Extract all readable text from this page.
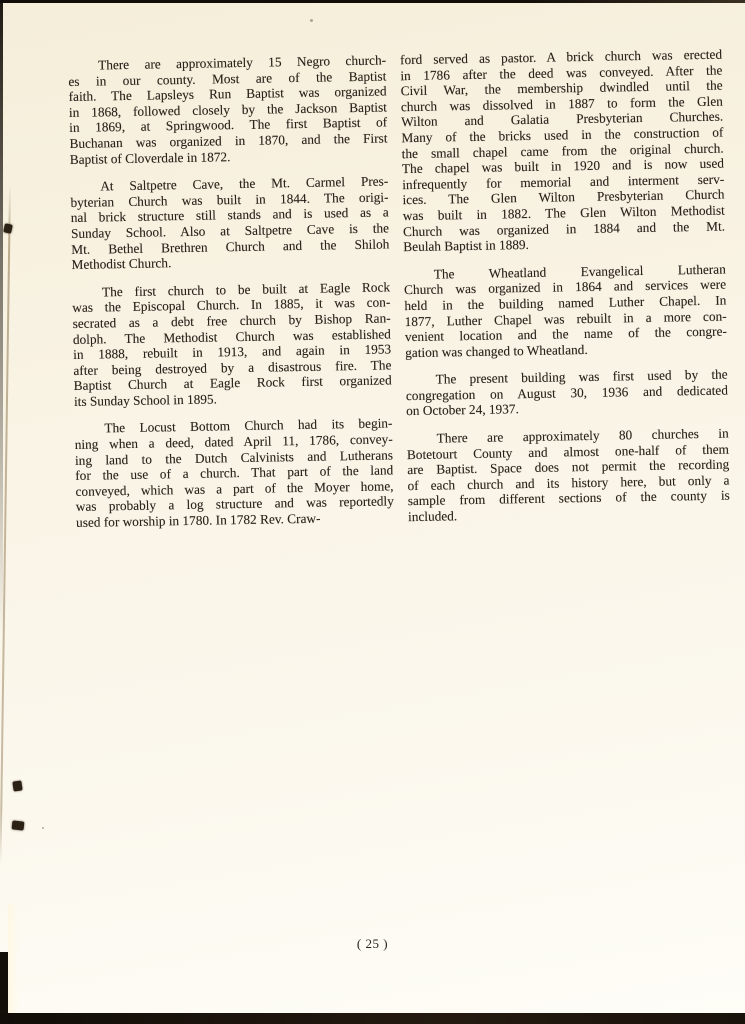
There are approximately 15 Negro church-
es in our county. Most are of the Baptist
faith. The Lapsleys Run Baptist was organized
in 1868, followed closely by the Jackson Baptist
in 1869, at Springwood. The first Baptist of
Buchanan was organized in 1870, and the First
Baptist of Cloverdale in 1872.
At Saltpetre Cave, the Mt. Carmel Pres-
byterian Church was built in 1844. The origi-
nal brick structure still stands and is used as a
Sunday School. Also at Saltpetre Cave is the
Mt. Bethel Brethren Church and the Shiloh
Methodist Church.
The first church to be built at Eagle Rock
was the Episcopal Church. In 1885, it was con-
secrated as a debt free church by Bishop Ran-
dolph. The Methodist Church was established
in 1888, rebuilt in 1913, and again in 1953
after being destroyed by a disastrous fire. The
Baptist Church at Eagle Rock first organized
its Sunday School in 1895.
The Locust Bottom Church had its begin-
ning when a deed, dated April 11, 1786, convey-
ing land to the Dutch Calvinists and Lutherans
for the use of a church. That part of the land
conveyed, which was a part of the Moyer home,
was probably a log structure and was reportedly
used for worship in 1780. In 1782 Rev. Craw-
ford served as pastor. A brick church was erected
in 1786 after the deed was conveyed. After the
Civil War, the membership dwindled until the
church was dissolved in 1887 to form the Glen
Wilton and Galatia Presbyterian Churches.
Many of the bricks used in the construction of
the small chapel came from the original church.
The chapel was built in 1920 and is now used
infrequently for memorial and interment serv-
ices. The Glen Wilton Presbyterian Church
was built in 1882. The Glen Wilton Methodist
Church was organized in 1884 and the Mt.
Beulah Baptist in 1889.
The Wheatland Evangelical Lutheran
Church was organized in 1864 and services were
held in the building named Luther Chapel. In
1877, Luther Chapel was rebuilt in a more con-
venient location and the name of the congre-
gation was changed to Wheatland.
The present building was first used by the
congregation on August 30, 1936 and dedicated
on October 24, 1937.
There are approximately 80 churches in
Botetourt County and almost one-half of them
are Baptist. Space does not permit the recording
of each church and its history here, but only a
sample from different sections of the county is
included.
( 25 )
